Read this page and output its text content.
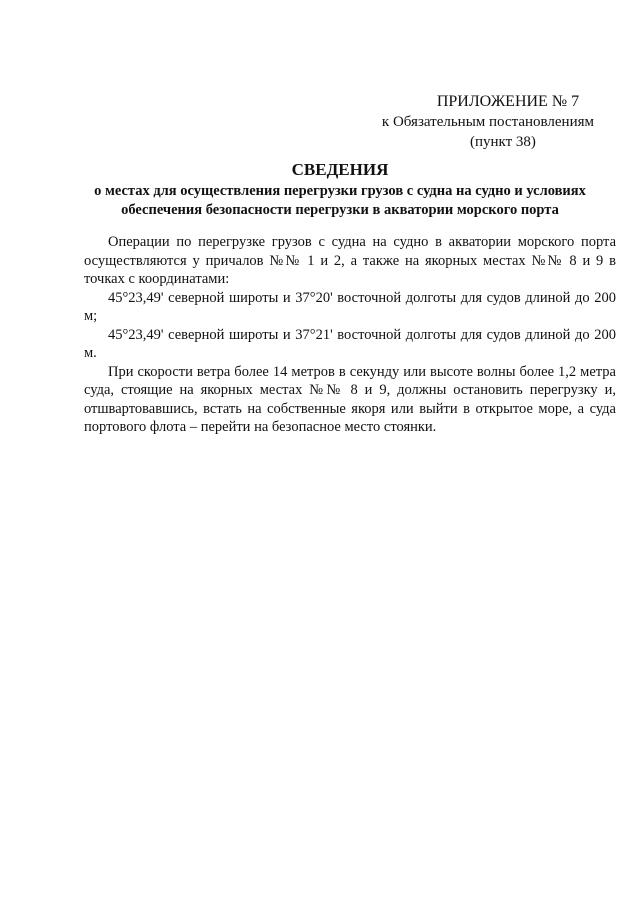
ПРИЛОЖЕНИЕ № 7
к Обязательным постановлениям
(пункт 38)
СВЕДЕНИЯ
о местах для осуществления перегрузки грузов с судна на судно и условиях обеспечения безопасности перегрузки в акватории морского порта

Операции по перегрузке грузов с судна на судно в акватории морского порта осуществляются у причалов №№ 1 и 2, а также на якорных местах №№ 8 и 9 в точках с координатами:

45°23,49' северной широты и 37°20' восточной долготы для судов длиной до 200 м;

45°23,49' северной широты и 37°21' восточной долготы для судов длиной до 200 м.

При скорости ветра более 14 метров в секунду или высоте волны более 1,2 метра суда, стоящие на якорных местах №№ 8 и 9, должны остановить перегрузку и, отшвартовавшись, встать на собственные якоря или выйти в открытое море, а суда портового флота – перейти на безопасное место стоянки.
